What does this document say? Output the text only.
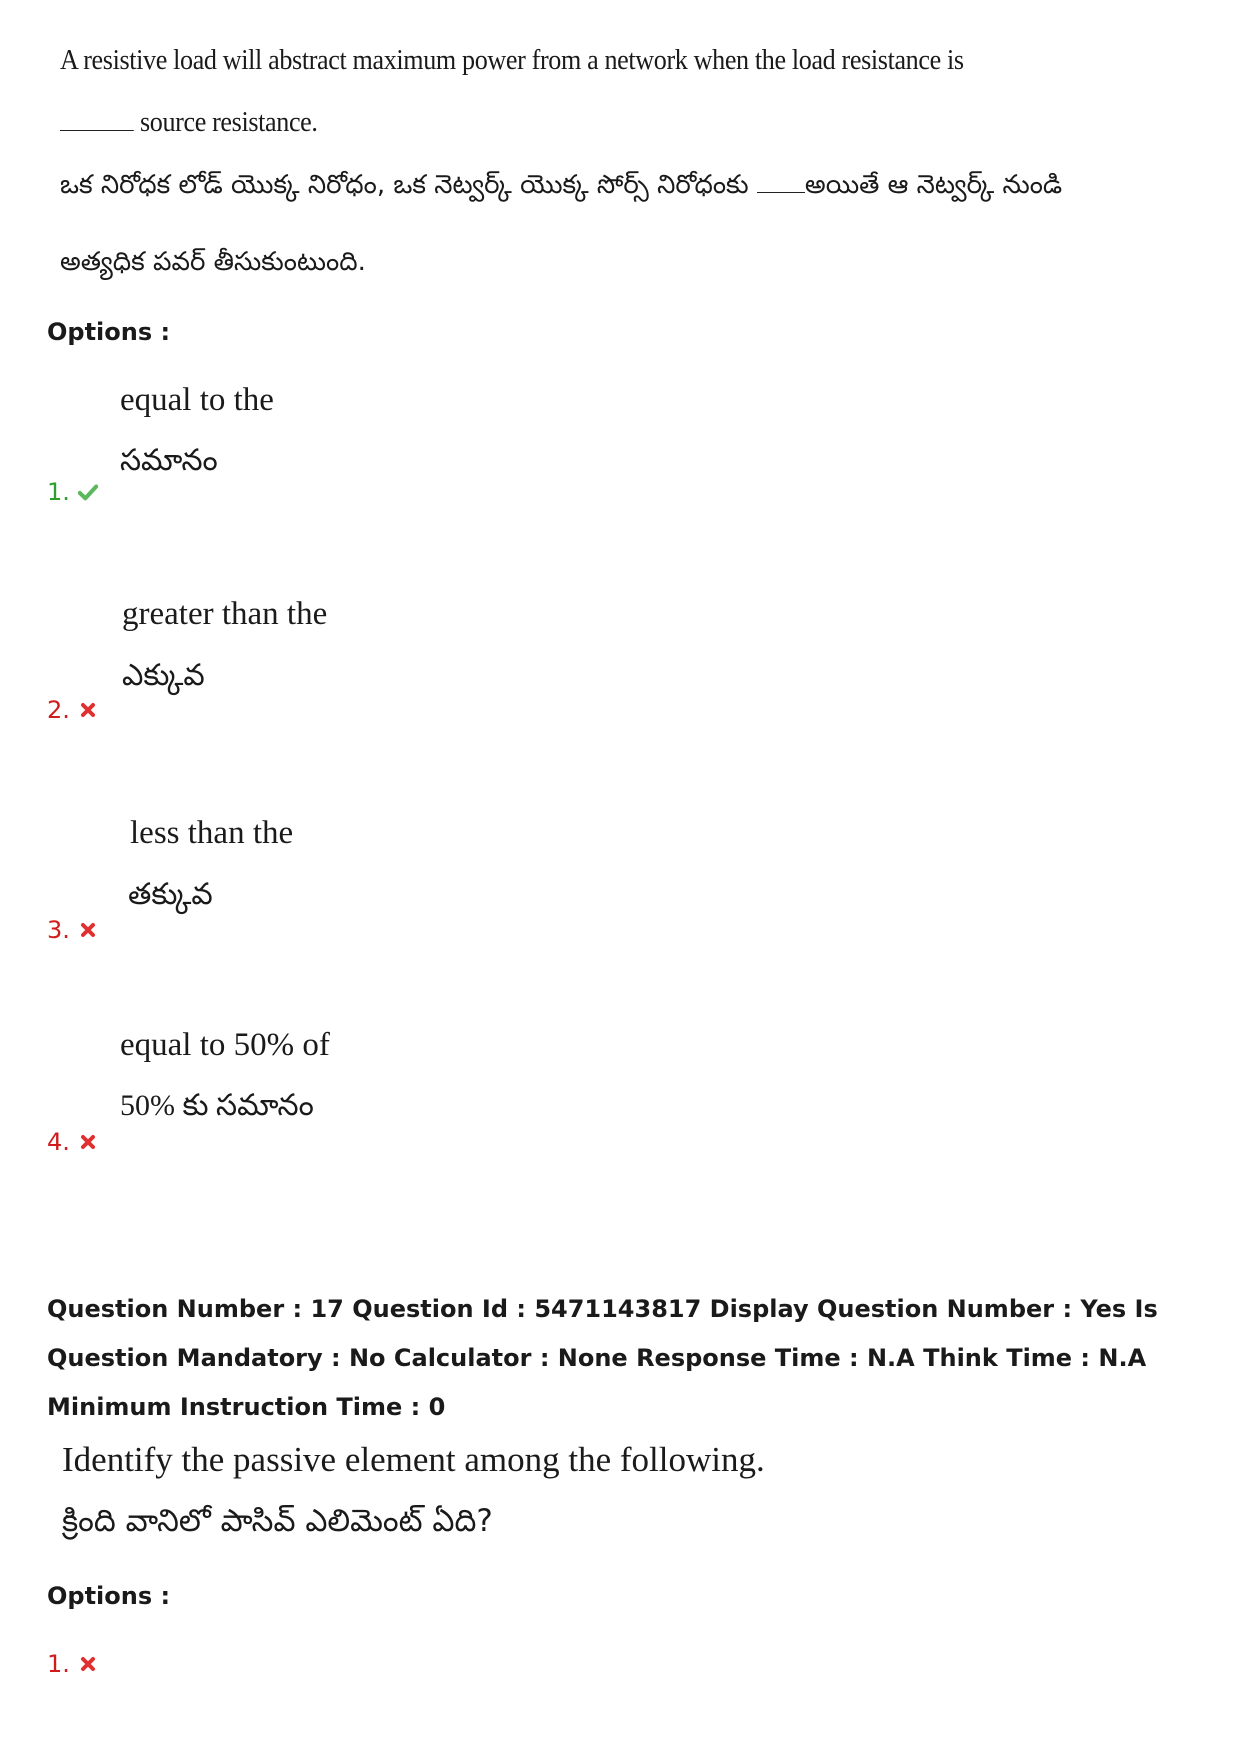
A resistive load will abstract maximum power from a network when the load resistance is
source resistance.
ఒక నిరోధక లోడ్ యొక్క నిరోధం, ఒక నెట్వర్క్ యొక్క సోర్స్ నిరోధంకు అయితే ఆ నెట్వర్క్ నుండి
అత్యధిక పవర్ తీసుకుంటుంది.
Options :
equal to the
సమానం
1.
greater than the
ఎక్కువ
2.
less than the
తక్కువ
3.
equal to 50% of
50% కు సమానం
4.
Question Number : 17 Question Id : 5471143817 Display Question Number : Yes Is Question Mandatory : No Calculator : None Response Time : N.A Think Time : N.A Minimum Instruction Time : 0
Identify the passive element among the following.
క్రింది వానిలో పాసివ్ ఎలిమెంట్ ఏది?
Options :
1.
